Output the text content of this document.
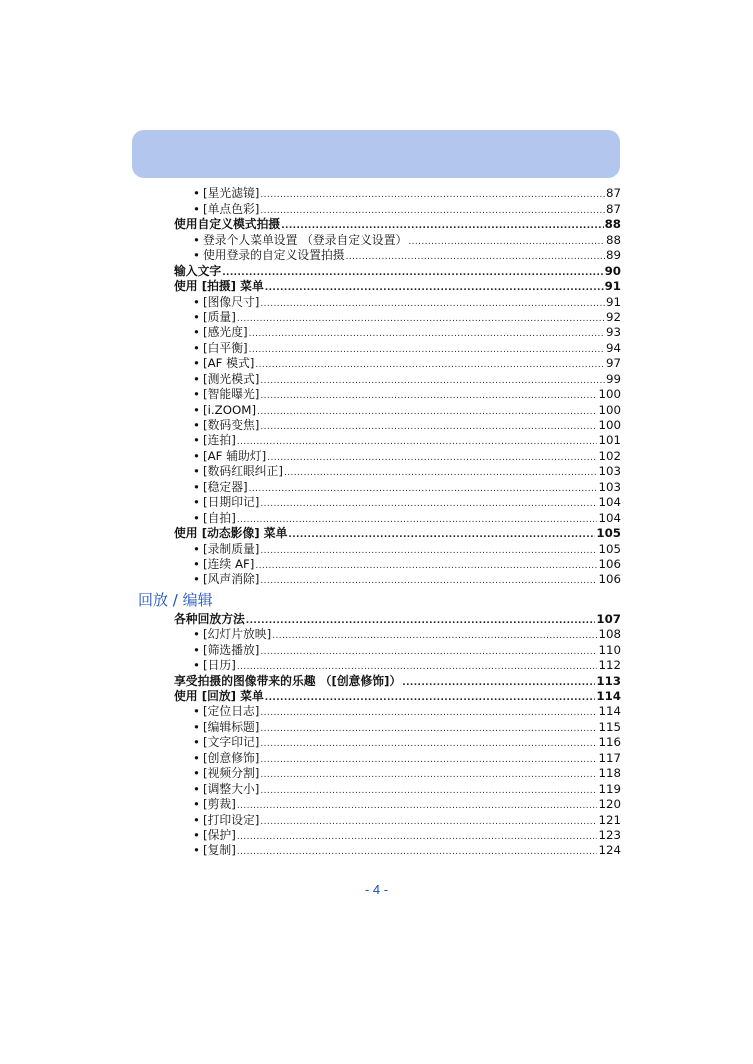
• [星光滤镜] .....	87
• [单点色彩] .....	87
使用自定义模式拍摄 .....	88
• 登录个人菜单设置 （登录自定义设置） .....	88
• 使用登录的自定义设置拍摄 .....	89
输入文字 .....	90
使用 [拍摄] 菜单 .....	91
• [图像尺寸] .....	91
• [质量] .....	92
• [感光度] .....	93
• [白平衡] .....	94
• [AF 模式] .....	97
• [测光模式] .....	99
• [智能曝光] .....	100
• [i.ZOOM] .....	100
• [数码变焦] .....	100
• [连拍] .....	101
• [AF 辅助灯] .....	102
• [数码红眼纠正] .....	103
• [稳定器] .....	103
• [日期印记] .....	104
• [自拍] .....	104
使用 [动态影像] 菜单 .....	105
• [录制质量] .....	105
• [连续 AF] .....	106
• [风声消除] .....	106
回放 / 编辑
各种回放方法 .....	107
• [幻灯片放映] .....	108
• [筛选播放] .....	110
• [日历] .....	112
享受拍摄的图像带来的乐趣 （[创意修饰]） .....	113
使用 [回放] 菜单 .....	114
• [定位日志] .....	114
• [编辑标题] .....	115
• [文字印记] .....	116
• [创意修饰] .....	117
• [视频分割] .....	118
• [调整大小] .....	119
• [剪裁] .....	120
• [打印设定] .....	121
• [保护] .....	123
• [复制] .....	124
- 4 -
